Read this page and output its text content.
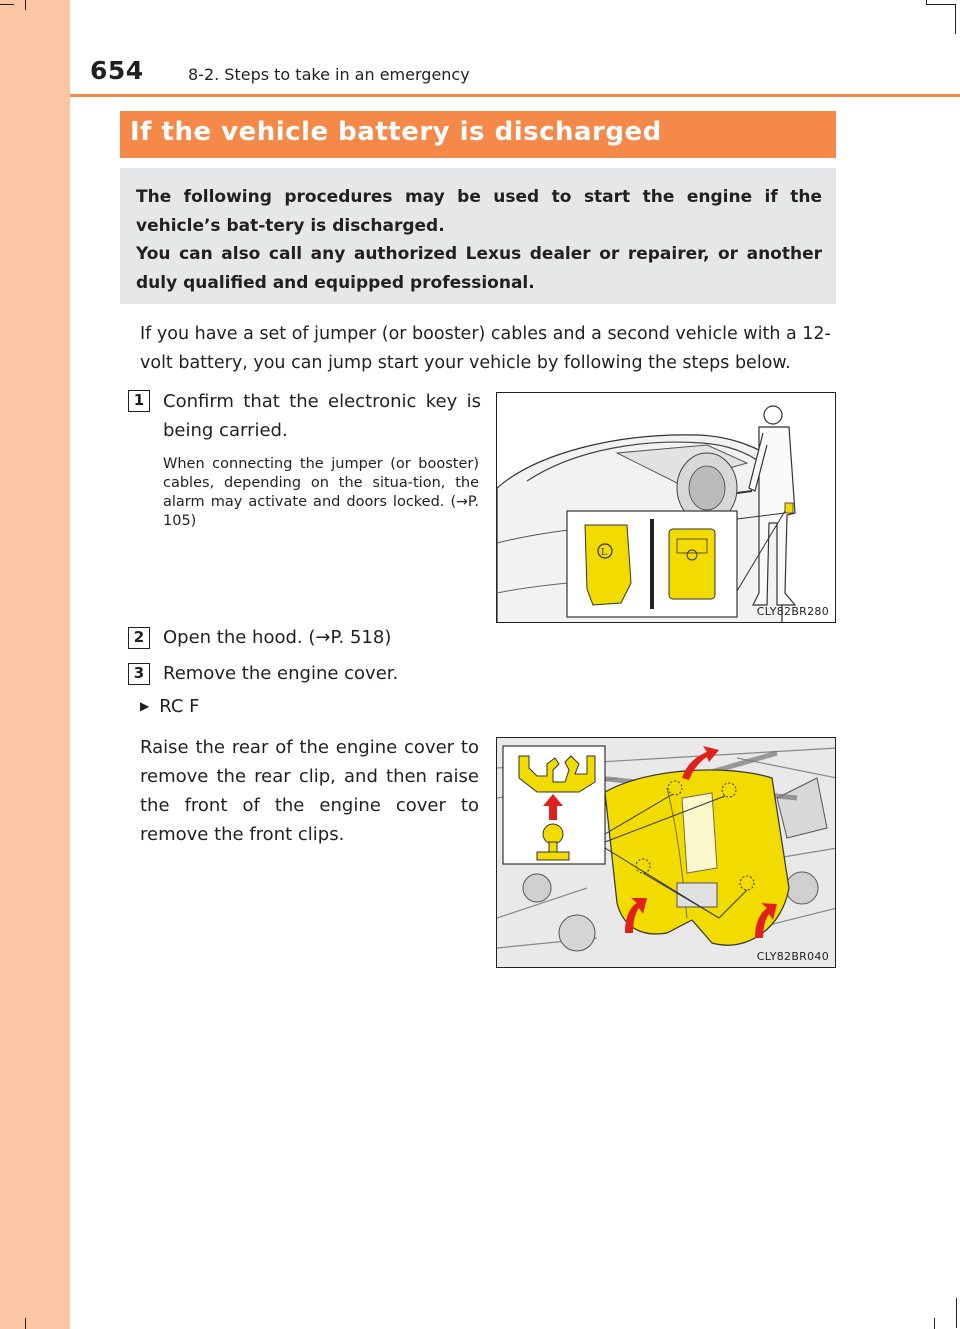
654	8-2. Steps to take in an emergency
If the vehicle battery is discharged

The following procedures may be used to start the engine if the vehicle’s bat-tery is discharged.

You can also call any authorized Lexus dealer or repairer, or another duly qualified and equipped professional.

If you have a set of jumper (or booster) cables and a second vehicle with a 12-volt battery, you can jump start your vehicle by following the steps below.

1	Confirm that the electronic key is being carried.

When connecting the jumper (or booster) cables, depending on the situa-tion, the alarm may activate and doors locked. (→P. 105)

L
CLY82BR280
2	Open the hood. (→P. 518)

3	Remove the engine cover.

▶ RC F

Raise the rear of the engine cover to remove the rear clip, and then raise the front of the engine cover to remove the front clips.

CLY82BR040
